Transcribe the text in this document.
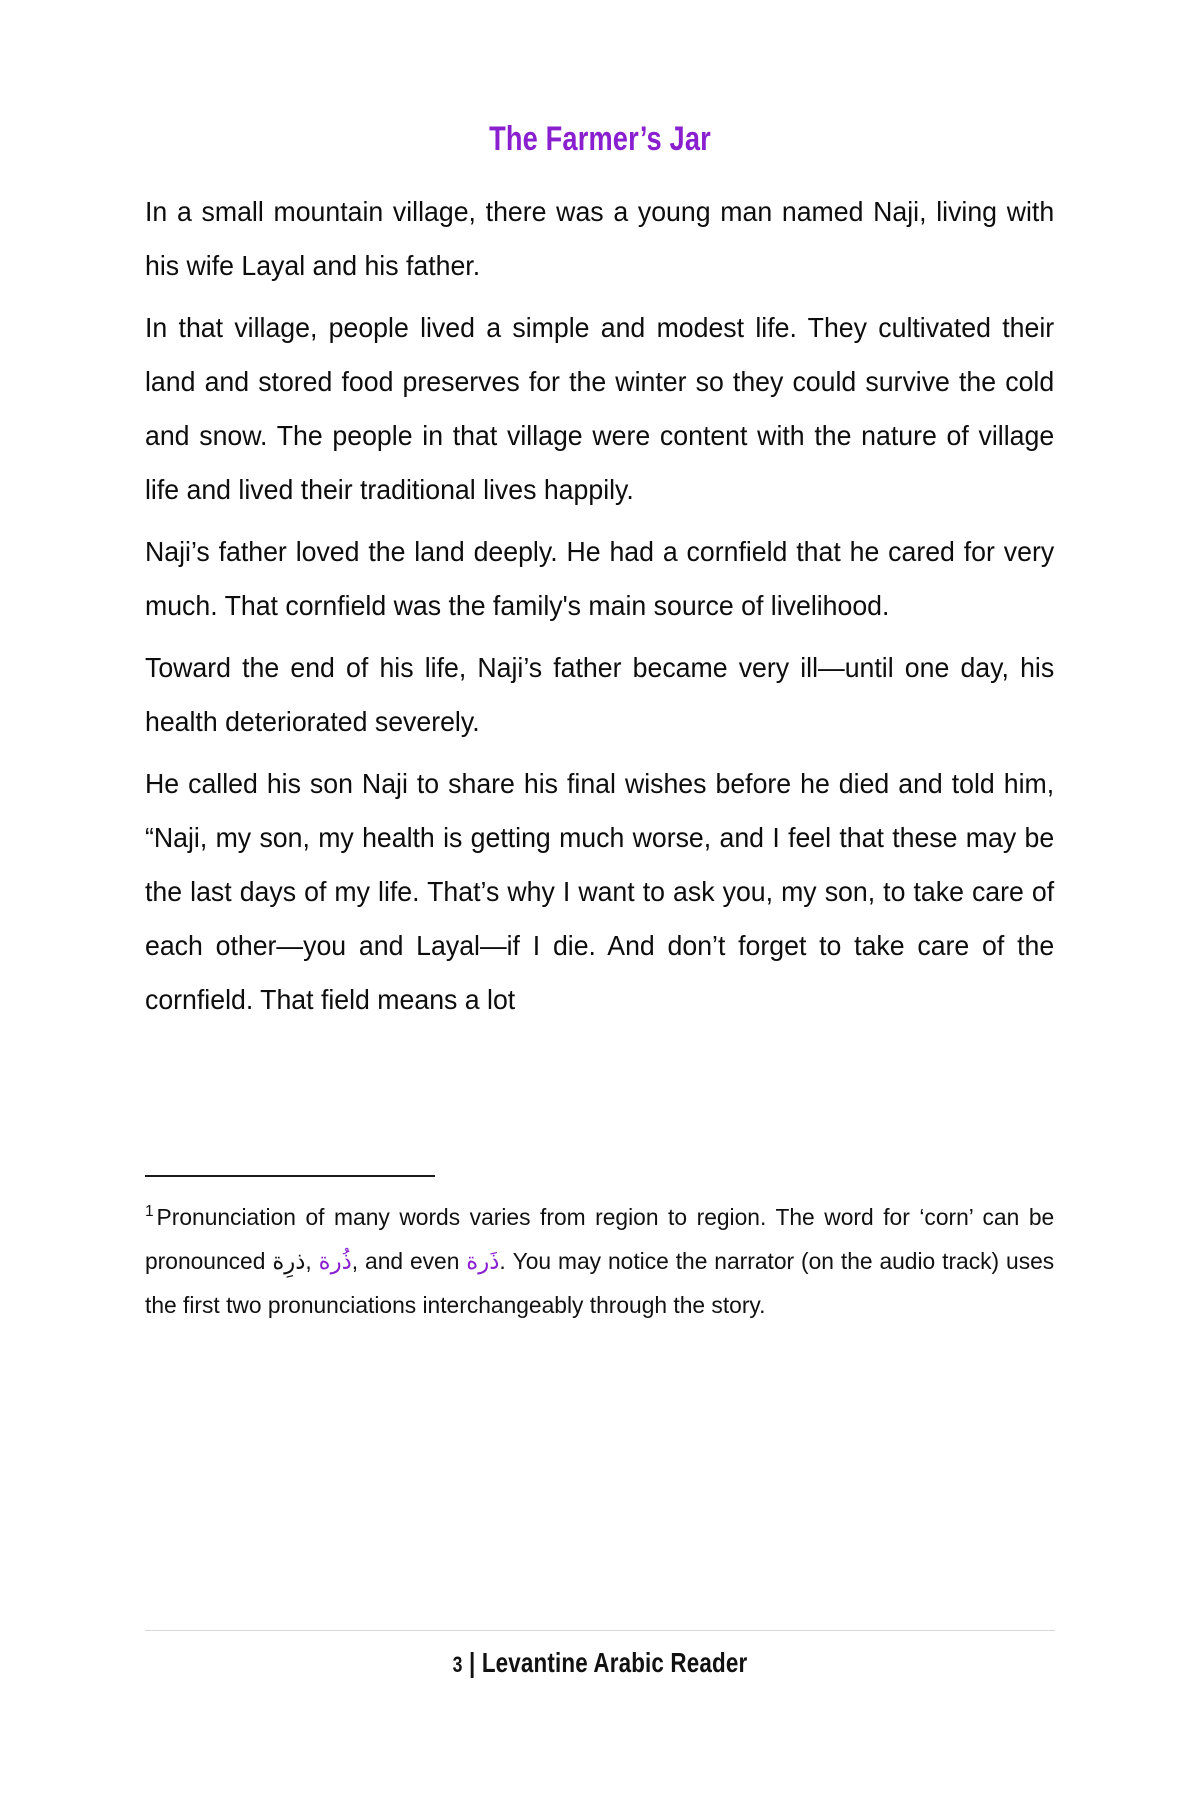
The Farmer’s Jar

In a small mountain village, there was a young man named Naji, living with his wife Layal and his father.

In that village, people lived a simple and modest life. They cultivated their land and stored food preserves for the winter so they could survive the cold and snow. The people in that village were content with the nature of village life and lived their traditional lives happily.

Naji’s father loved the land deeply. He had a cornfield that he cared for very much. That cornfield was the family's main source of livelihood.

Toward the end of his life, Naji’s father became very ill—until one day, his health deteriorated severely.

He called his son Naji to share his final wishes before he died and told him, “Naji, my son, my health is getting much worse, and I feel that these may be the last days of my life. That’s why I want to ask you, my son, to take care of each other—you and Layal—if I die. And don’t forget to take care of the cornfield. That field means a lot

$^1$ Pronunciation of many words varies from region to region. The word for ‘corn’ can be pronounced ذرِة, ذُرة, and even ذَرة. You may notice the narrator (on the audio track) uses the first two pronunciations interchangeably through the story.

3 | Levantine Arabic Reader
